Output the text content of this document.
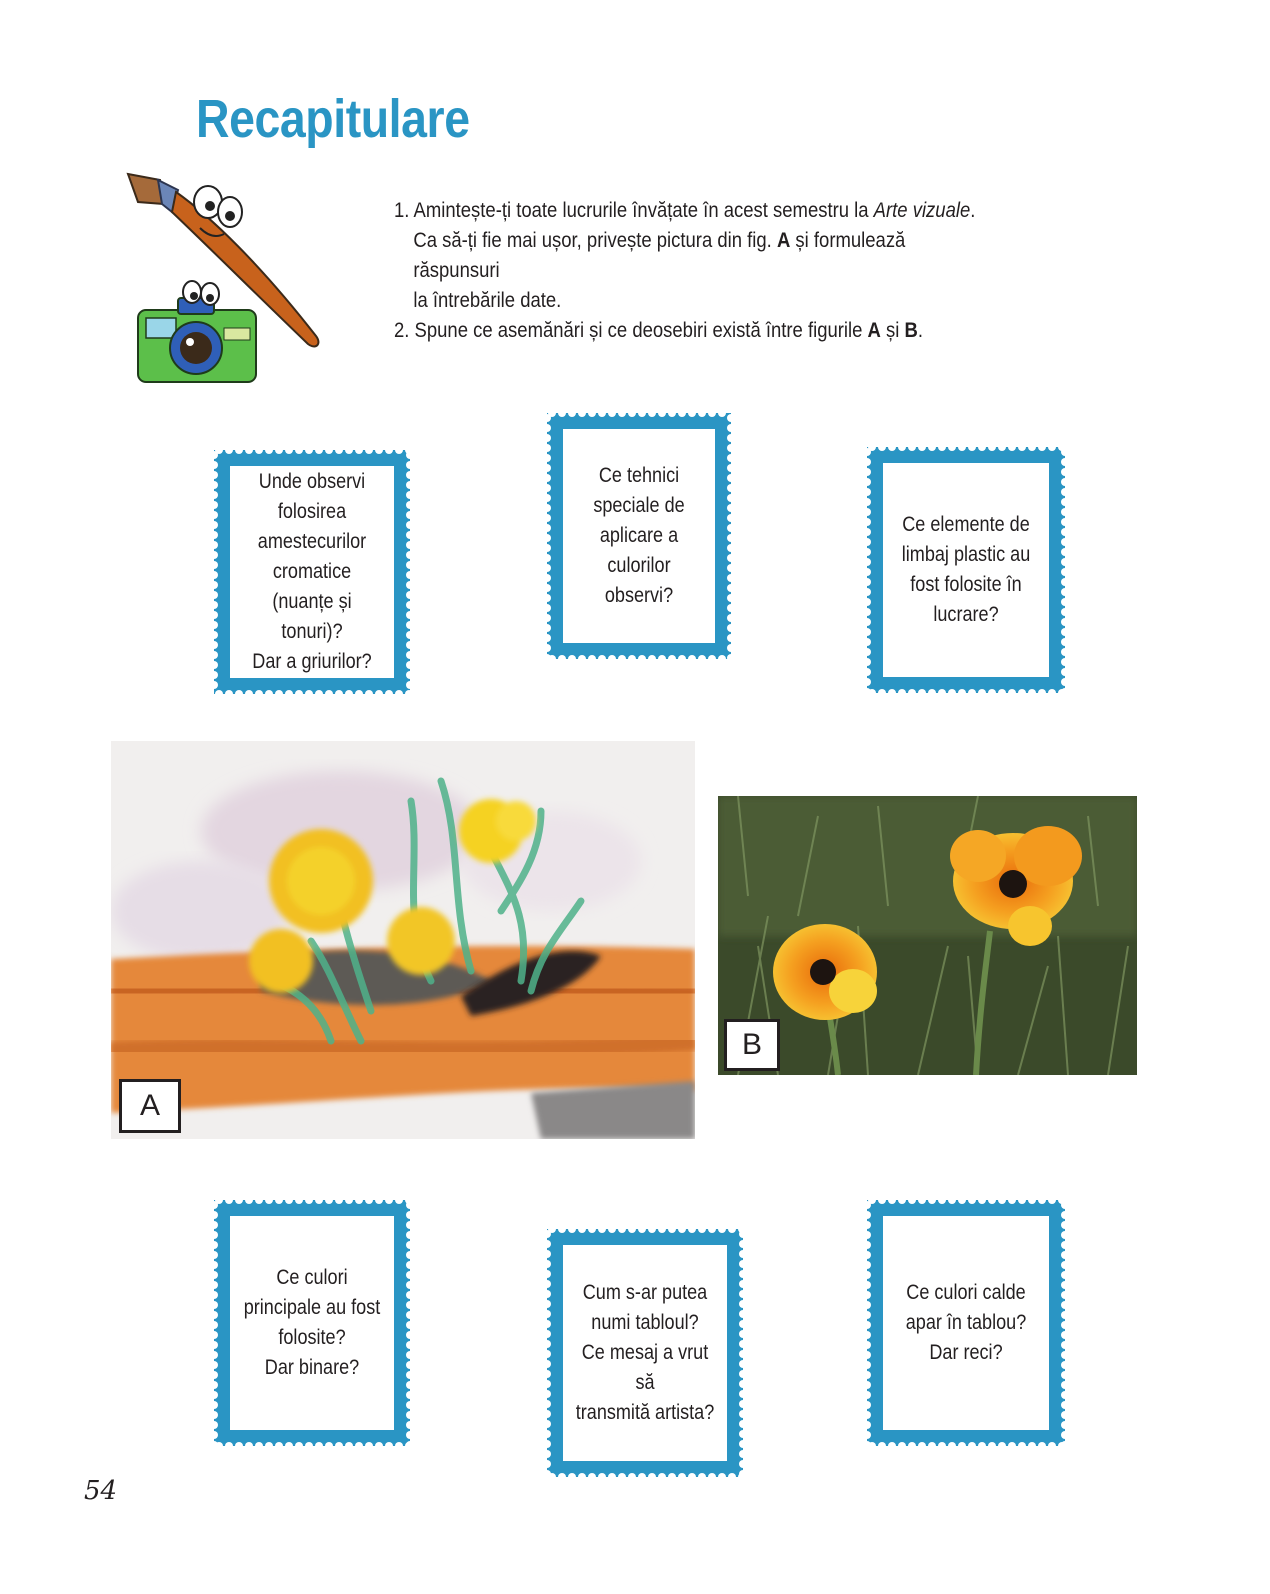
Recapitulare

1. Amintește-ți toate lucrurile învățate în acest semestru la Arte vizuale.
Ca să-ți fie mai ușor, privește pictura din fig. A și formulează răspunsuri
la întrebările date.

2. Spune ce asemănări și ce deosebiri există între figurile A și B.

Unde observi
folosirea
amestecurilor
cromatice
(nuanțe și tonuri)?
Dar a griurilor?
Ce tehnici
speciale de
aplicare a
culorilor
observi?
Ce elemente de
limbaj plastic au
fost folosite în
lucrare?
Ce culori
principale au fost
folosite?
Dar binare?
Cum s-ar putea
numi tabloul?
Ce mesaj a vrut să
transmită artista?
Ce culori calde
apar în tablou?
Dar reci?
A
B
54
